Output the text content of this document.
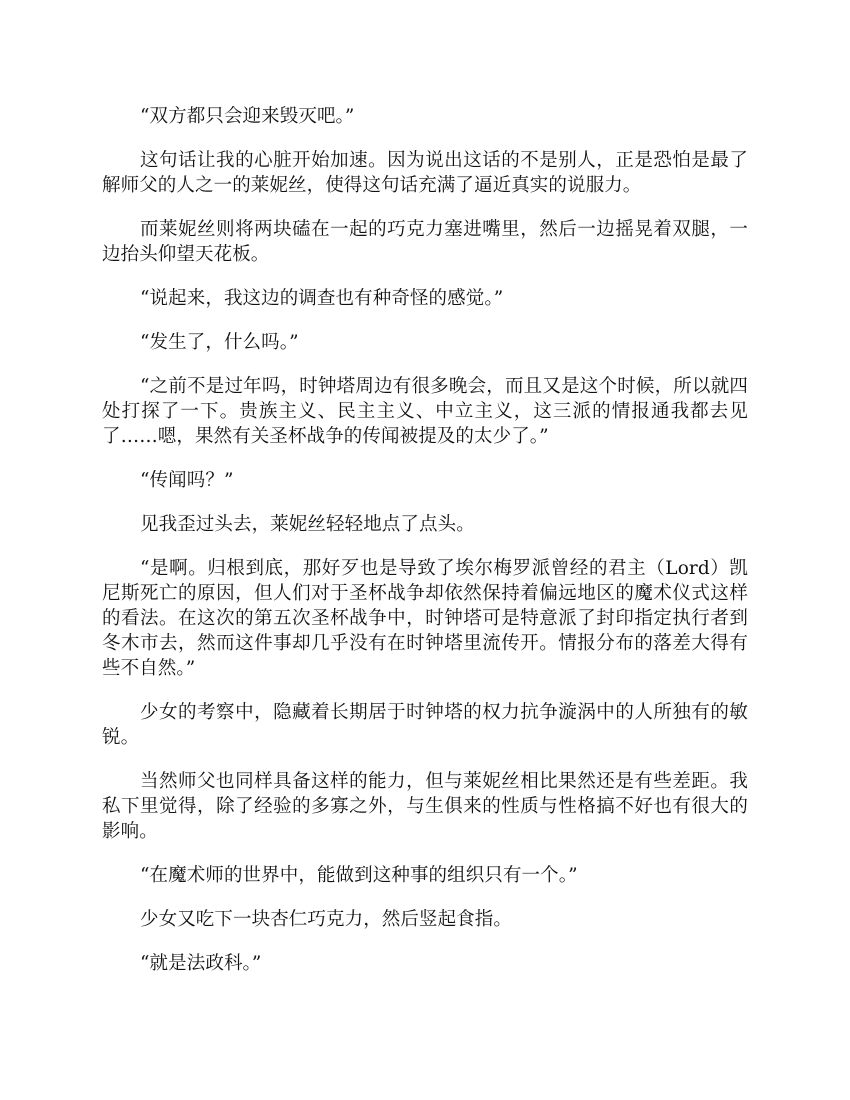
“双方都只会迎来毁灭吧。”

这句话让我的心脏开始加速。因为说出这话的不是别人，正是恐怕是最了解师父的人之一的莱妮丝，使得这句话充满了逼近真实的说服力。

而莱妮丝则将两块磕在一起的巧克力塞进嘴里，然后一边摇晃着双腿，一边抬头仰望天花板。

“说起来，我这边的调查也有种奇怪的感觉。”

“发生了，什么吗。”

“之前不是过年吗，时钟塔周边有很多晚会，而且又是这个时候，所以就四处打探了一下。贵族主义、民主主义、中立主义，这三派的情报通我都去见了……嗯，果然有关圣杯战争的传闻被提及的太少了。”

“传闻吗？”

见我歪过头去，莱妮丝轻轻地点了点头。

“是啊。归根到底，那好歹也是导致了埃尔梅罗派曾经的君主（Lord）凯尼斯死亡的原因，但人们对于圣杯战争却依然保持着偏远地区的魔术仪式这样的看法。在这次的第五次圣杯战争中，时钟塔可是特意派了封印指定执行者到冬木市去，然而这件事却几乎没有在时钟塔里流传开。情报分布的落差大得有些不自然。”

少女的考察中，隐藏着长期居于时钟塔的权力抗争漩涡中的人所独有的敏锐。

当然师父也同样具备这样的能力，但与莱妮丝相比果然还是有些差距。我私下里觉得，除了经验的多寡之外，与生俱来的性质与性格搞不好也有很大的影响。

“在魔术师的世界中，能做到这种事的组织只有一个。”

少女又吃下一块杏仁巧克力，然后竖起食指。

“就是法政科。”
